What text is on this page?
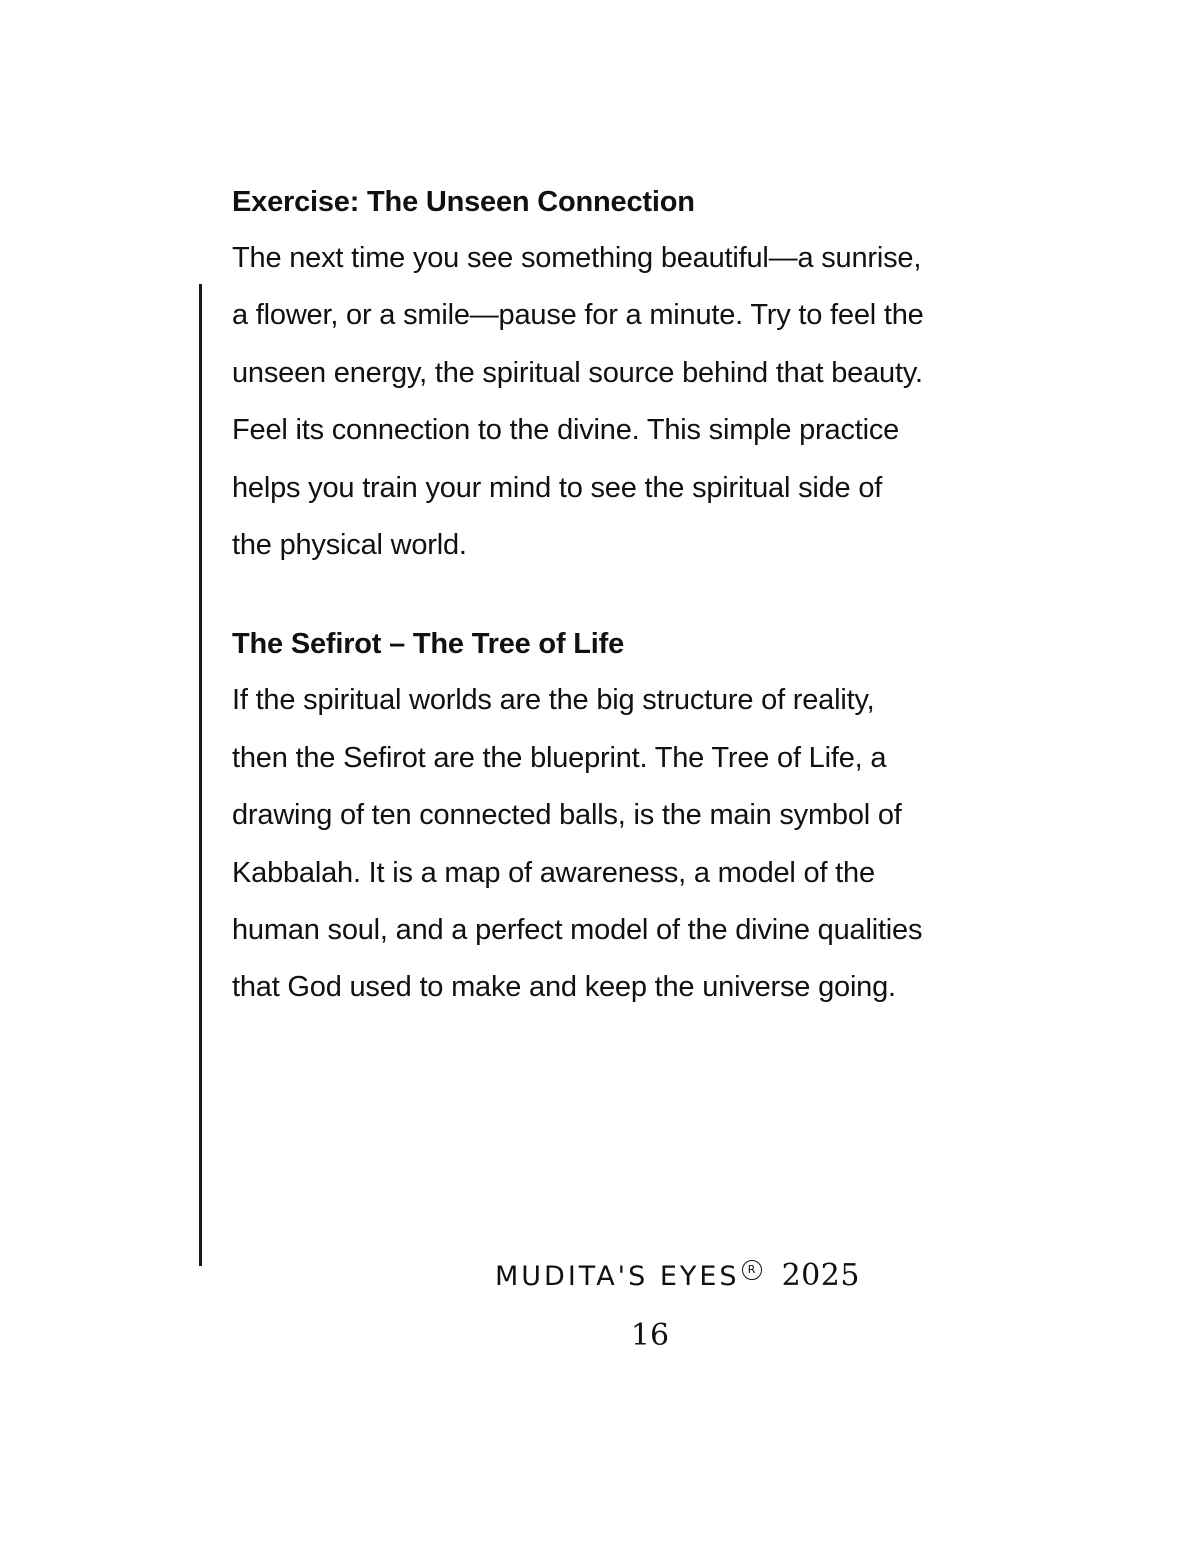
Exercise: The Unseen Connection

The next time you see something beautiful—a sunrise,

a flower, or a smile—pause for a minute. Try to feel the

unseen energy, the spiritual source behind that beauty.

Feel its connection to the divine. This simple practice

helps you train your mind to see the spiritual side of

the physical world.

The Sefirot – The Tree of Life

If the spiritual worlds are the big structure of reality,

then the Sefirot are the blueprint. The Tree of Life, a

drawing of ten connected balls, is the main symbol of

Kabbalah. It is a map of awareness, a model of the

human soul, and a perfect model of the divine qualities

that God used to make and keep the universe going.

MUDITA'S EYES R 2025
16
